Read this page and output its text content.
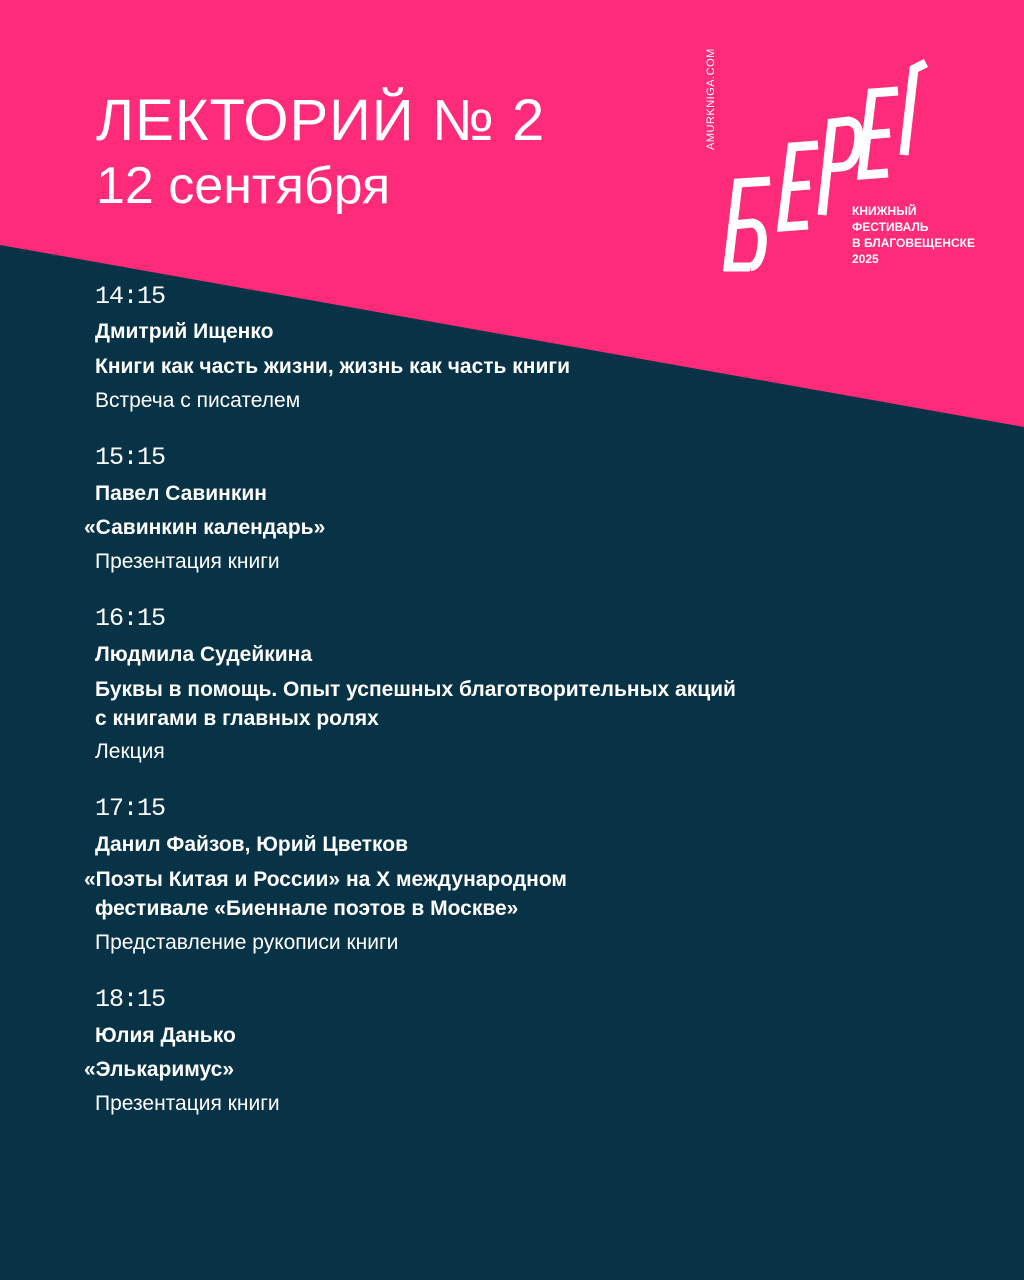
ЛЕКТОРИЙ № 2
12 сентября
AMURKNIGA.COM
КНИЖНЫЙ
ФЕСТИВАЛЬ
В БЛАГОВЕЩЕНСКЕ
2025
14:15
Дмитрий Ищенко
Книги как часть жизни, жизнь как часть книги
Встреча с писателем
15:15
Павел Савинкин
«Савинкин календарь»
Презентация книги
16:15
Людмила Судейкина
Буквы в помощь. Опыт успешных благотворительных акций
с книгами в главных ролях
Лекция
17:15
Данил Файзов, Юрий Цветков
«Поэты Китая и России» на X международном
фестивале «Биеннале поэтов в Москве»
Представление рукописи книги
18:15
Юлия Данько
«Элькаримус»
Презентация книги
